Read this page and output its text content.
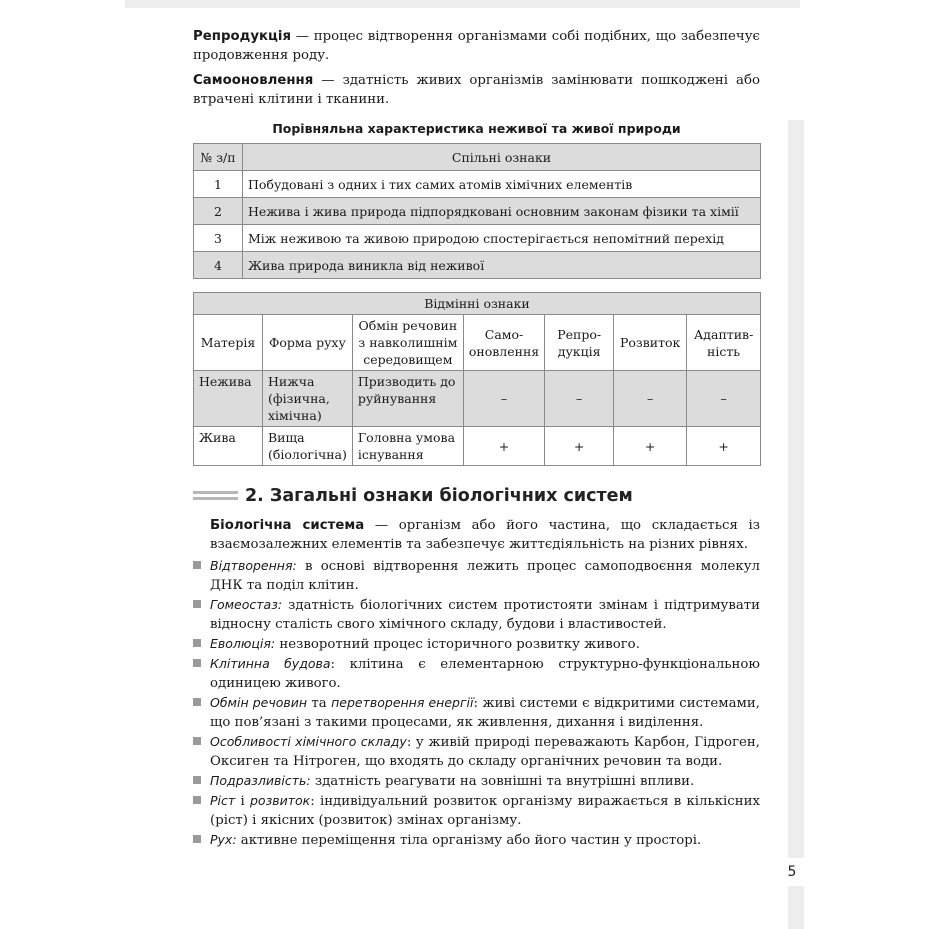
5

Репродукція — процес відтворення організмами собі подібних, що забезпечує продовження роду.

Самооновлення — здатність живих організмів замінювати пошкоджені або втрачені клітини і тканини.

Порівняльна характеристика неживої та живої природи
№ з/п	Спільні ознаки
1	Побудовані з одних і тих самих атомів хімічних елементів
2	Нежива і жива природа підпорядковані основним законам фізики та хімії
3	Між неживою та живою природою спостерігається непомітний перехід
4	Жива природа виникла від неживої
Відмінні ознаки						
Матерія	Форма руху	Обмін речовин з навколишнім середовищем	Само-оновлення	Репро-дукція	Розвиток	Адаптив-ність
Нежива	Нижча (фізична, хімічна)	Призводить до руйнування	–	–	–	–
Жива	Вища (біологічна)	Головна умова існування	+	+	+	+
2. Загальні ознаки біологічних систем

Біологічна система — організм або його частина, що складається із взаємозалежних елементів та забезпечує життєдіяльність на різних рівнях.

Відтворення: в основі відтворення лежить процес самоподвоєння молекул ДНК та поділ клітин.
Гомеостаз: здатність біологічних систем протистояти змінам і підтримувати відносну сталість свого хімічного складу, будови і властивостей.
Еволюція: незворотний процес історичного розвитку живого.
Клітинна будова: клітина є елементарною структурно-функціональною одиницею живого.
Обмін речовин та перетворення енергії: живі системи є відкритими системами, що пов’язані з такими процесами, як живлення, дихання і виділення.
Особливості хімічного складу: у живій природі переважають Карбон, Гідроген, Оксиген та Нітроген, що входять до складу органічних речовин та води.
Подразливість: здатність реагувати на зовнішні та внутрішні впливи.
Ріст і розвиток: індивідуальний розвиток організму виражається в кількісних (ріст) і якісних (розвиток) змінах організму.
Рух: активне переміщення тіла організму або його частин у просторі.
